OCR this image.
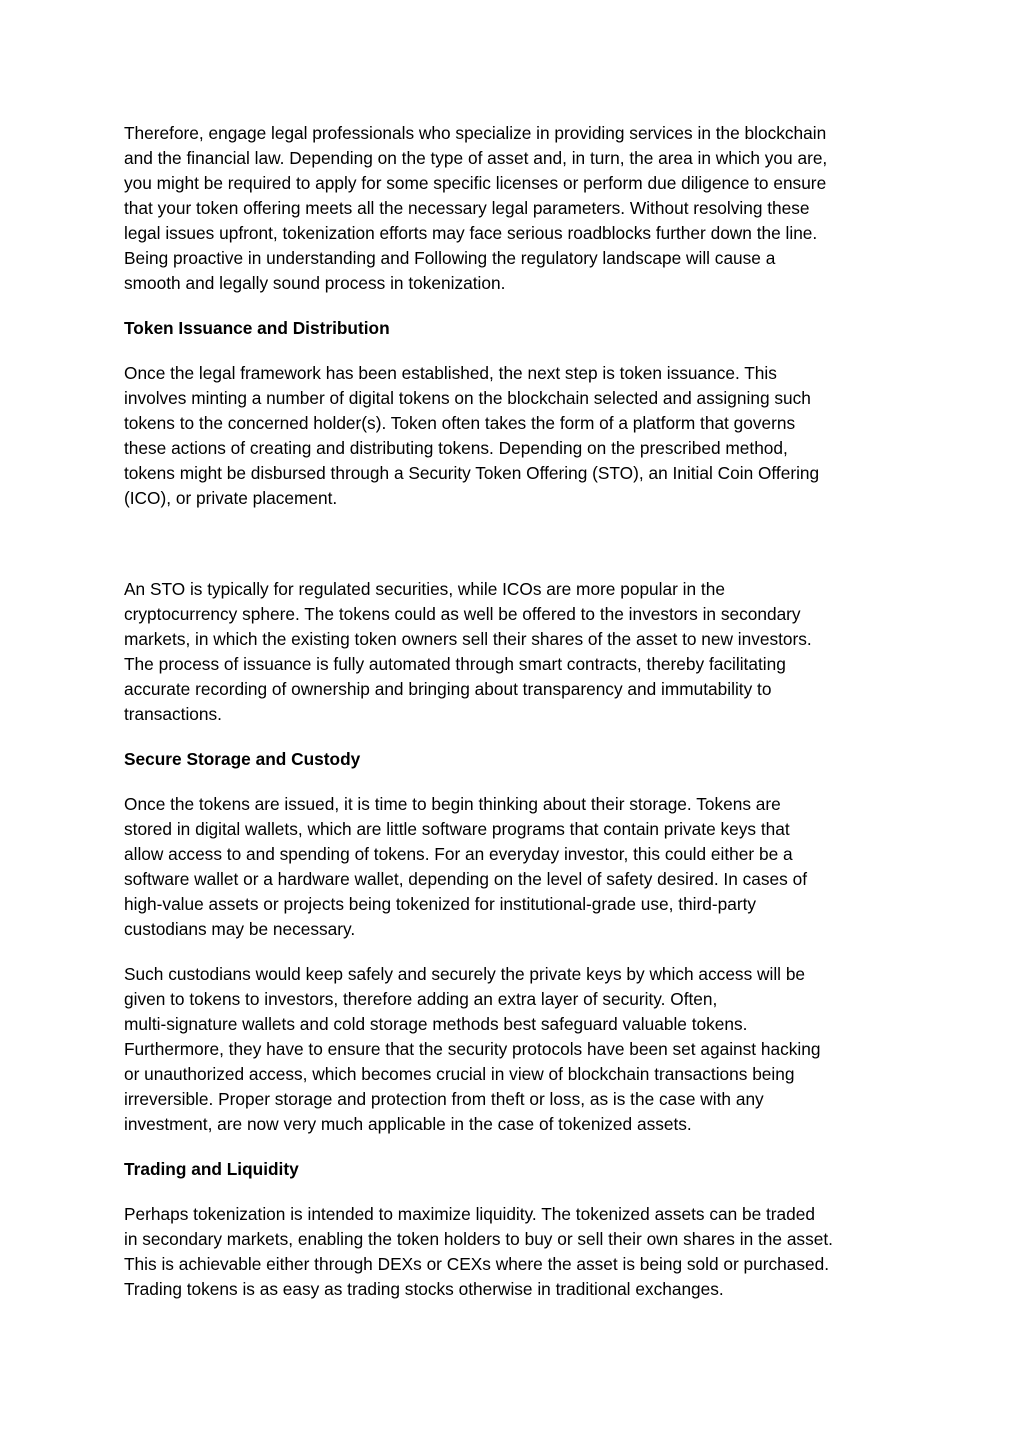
Therefore, engage legal professionals who specialize in providing services in the blockchain
and the financial law. Depending on the type of asset and, in turn, the area in which you are,
you might be required to apply for some specific licenses or perform due diligence to ensure
that your token offering meets all the necessary legal parameters. Without resolving these
legal issues upfront, tokenization efforts may face serious roadblocks further down the line.
Being proactive in understanding and Following the regulatory landscape will cause a
smooth and legally sound process in tokenization.

Token Issuance and Distribution

Once the legal framework has been established, the next step is token issuance. This
involves minting a number of digital tokens on the blockchain selected and assigning such
tokens to the concerned holder(s). Token often takes the form of a platform that governs
these actions of creating and distributing tokens. Depending on the prescribed method,
tokens might be disbursed through a Security Token Offering (STO), an Initial Coin Offering
(ICO), or private placement.

An STO is typically for regulated securities, while ICOs are more popular in the
cryptocurrency sphere. The tokens could as well be offered to the investors in secondary
markets, in which the existing token owners sell their shares of the asset to new investors.
The process of issuance is fully automated through smart contracts, thereby facilitating
accurate recording of ownership and bringing about transparency and immutability to
transactions.

Secure Storage and Custody

Once the tokens are issued, it is time to begin thinking about their storage. Tokens are
stored in digital wallets, which are little software programs that contain private keys that
allow access to and spending of tokens. For an everyday investor, this could either be a
software wallet or a hardware wallet, depending on the level of safety desired. In cases of
high-value assets or projects being tokenized for institutional-grade use, third-party
custodians may be necessary.

Such custodians would keep safely and securely the private keys by which access will be
given to tokens to investors, therefore adding an extra layer of security. Often,
multi-signature wallets and cold storage methods best safeguard valuable tokens.
Furthermore, they have to ensure that the security protocols have been set against hacking
or unauthorized access, which becomes crucial in view of blockchain transactions being
irreversible. Proper storage and protection from theft or loss, as is the case with any
investment, are now very much applicable in the case of tokenized assets.

Trading and Liquidity

Perhaps tokenization is intended to maximize liquidity. The tokenized assets can be traded
in secondary markets, enabling the token holders to buy or sell their own shares in the asset.
This is achievable either through DEXs or CEXs where the asset is being sold or purchased.
Trading tokens is as easy as trading stocks otherwise in traditional exchanges.
